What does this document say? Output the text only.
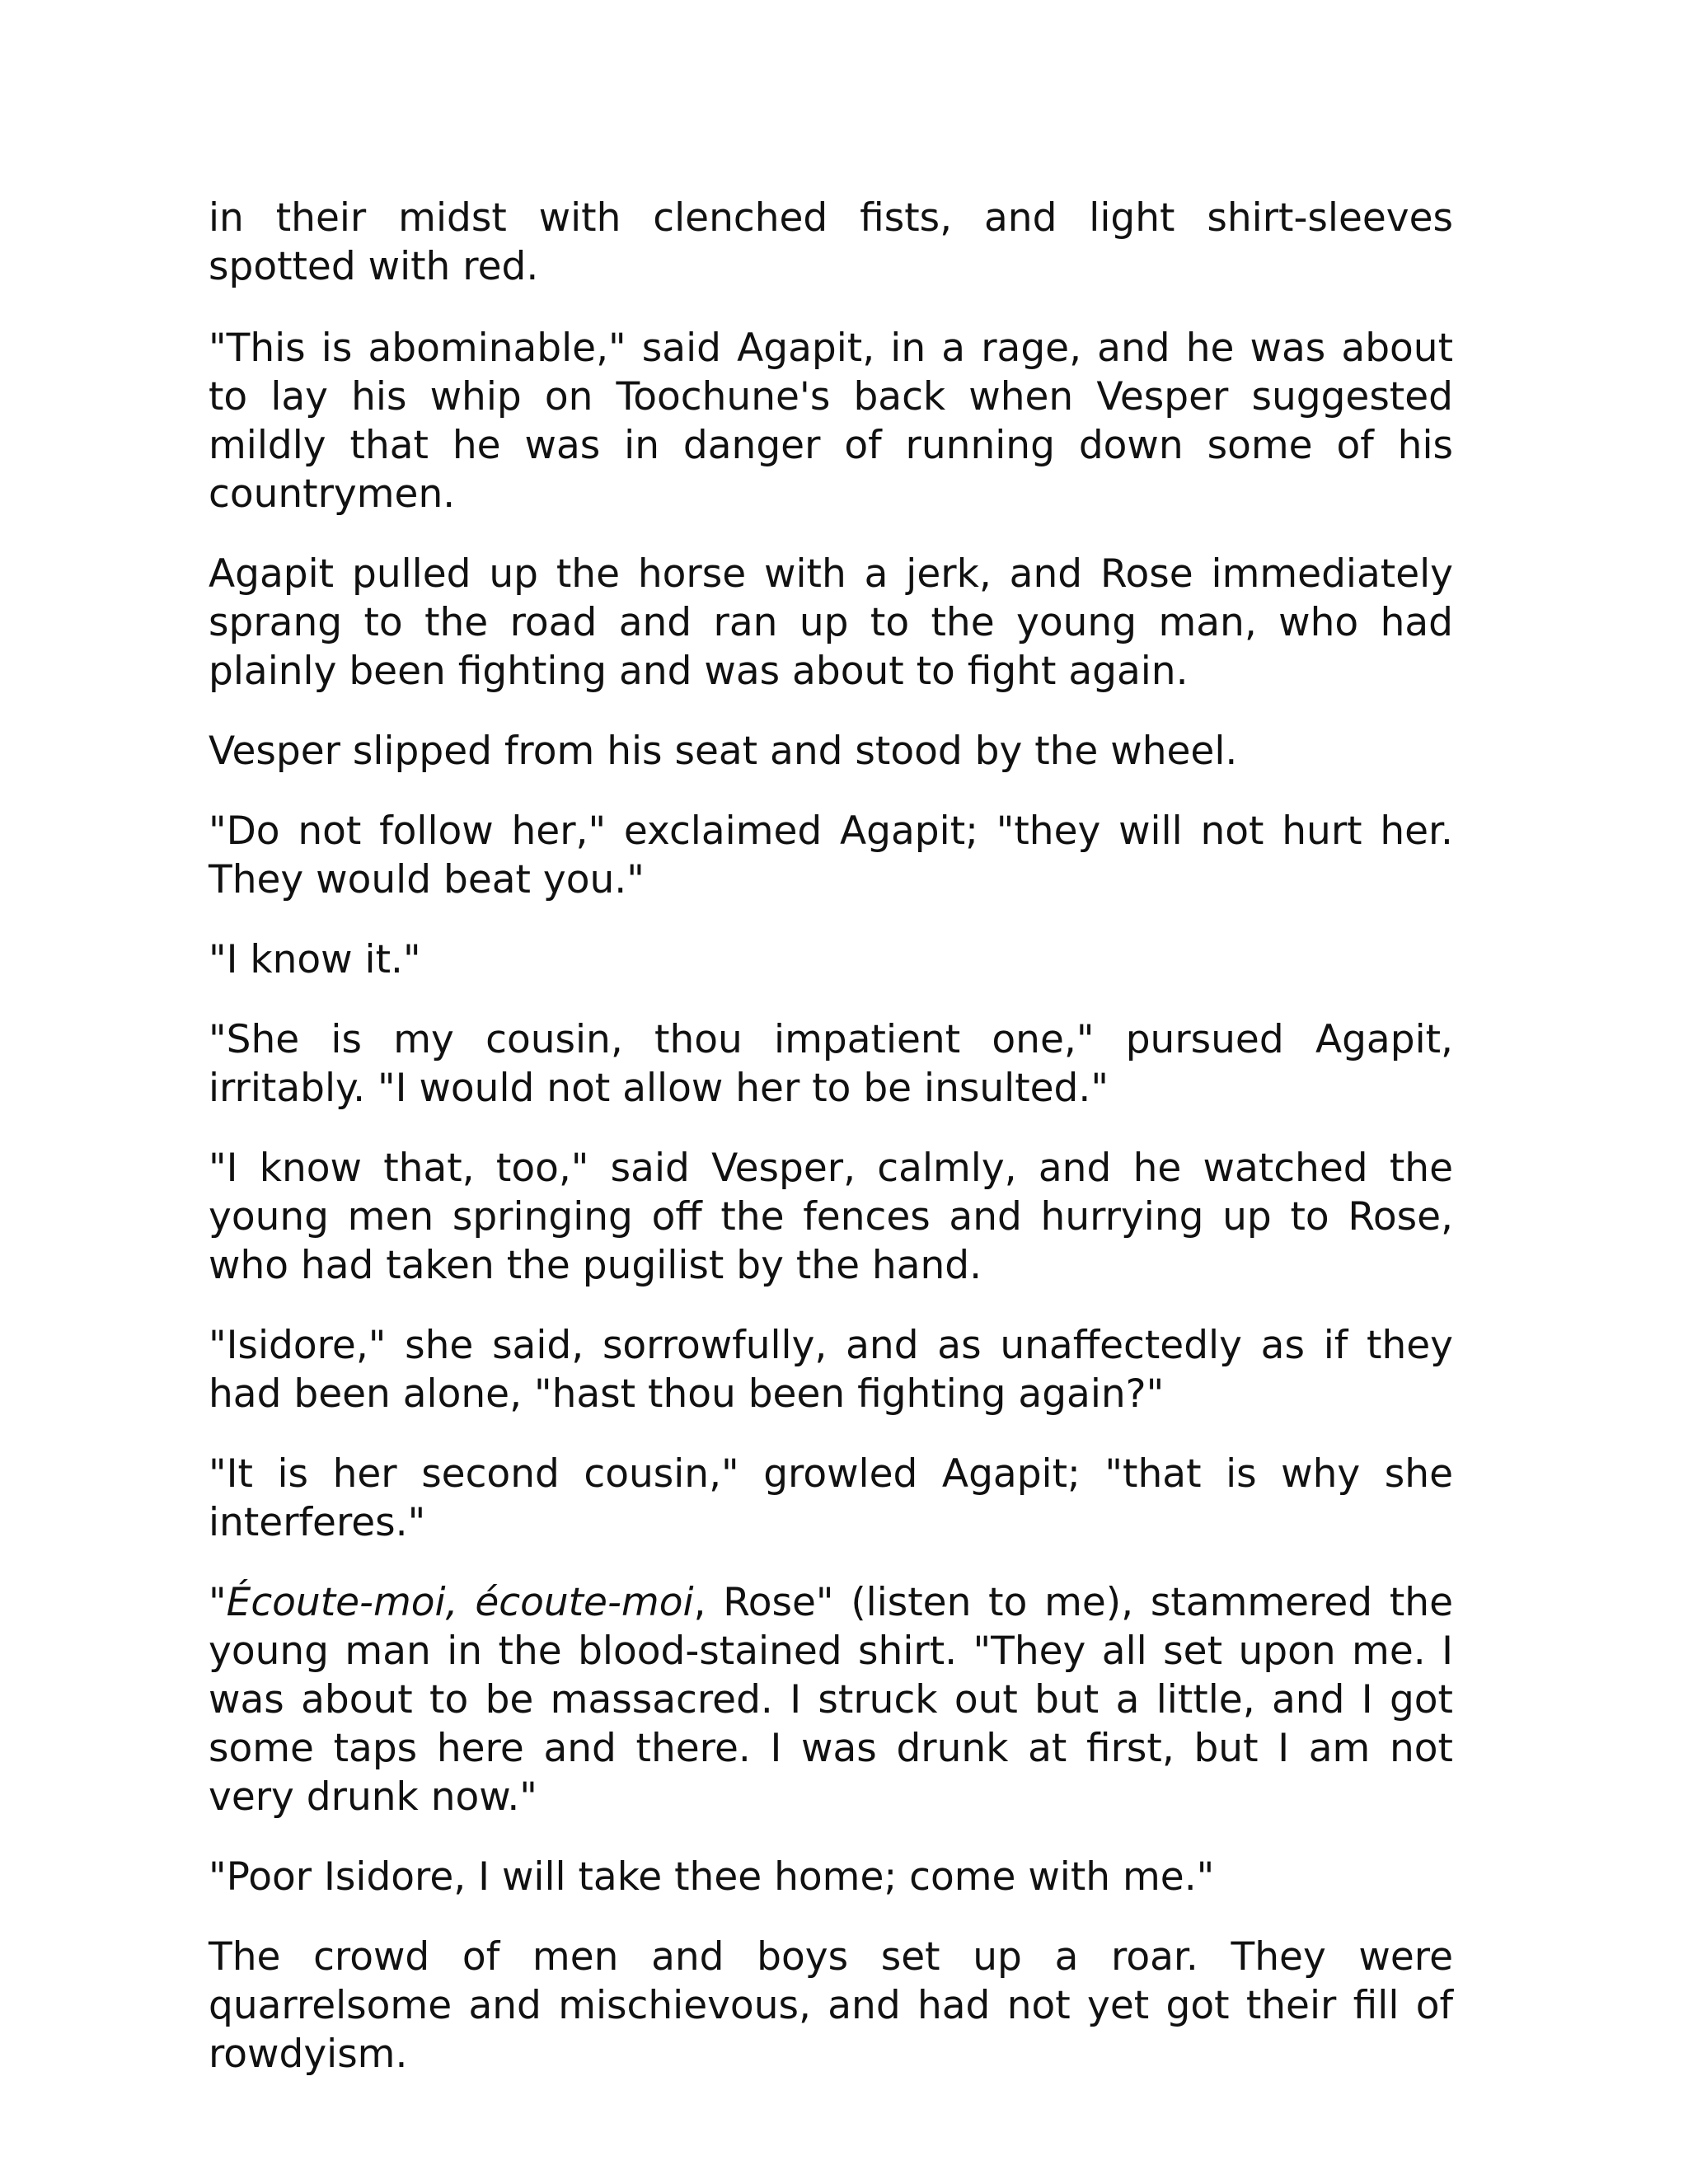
in their midst with clenched fists, and light shirt-sleeves spotted with red.

"This is abominable," said Agapit, in a rage, and he was about to lay his whip on Toochune's back when Vesper suggested mildly that he was in danger of running down some of his countrymen.

Agapit pulled up the horse with a jerk, and Rose immediately sprang to the road and ran up to the young man, who had plainly been fighting and was about to fight again.

Vesper slipped from his seat and stood by the wheel.

"Do not follow her," exclaimed Agapit; "they will not hurt her. They would beat you."

"I know it."

"She is my cousin, thou impatient one," pursued Agapit, irritably. "I would not allow her to be insulted."

"I know that, too," said Vesper, calmly, and he watched the young men springing off the fences and hurrying up to Rose, who had taken the pugilist by the hand.

"Isidore," she said, sorrowfully, and as unaffectedly as if they had been alone, "hast thou been fighting again?"

"It is her second cousin," growled Agapit; "that is why she interferes."

"Écoute-moi, écoute-moi, Rose" (listen to me), stammered the young man in the blood-stained shirt. "They all set upon me. I was about to be massacred. I struck out but a little, and I got some taps here and there. I was drunk at first, but I am not very drunk now."

"Poor Isidore, I will take thee home; come with me."

The crowd of men and boys set up a roar. They were quarrelsome and mischievous, and had not yet got their fill of rowdyism.
